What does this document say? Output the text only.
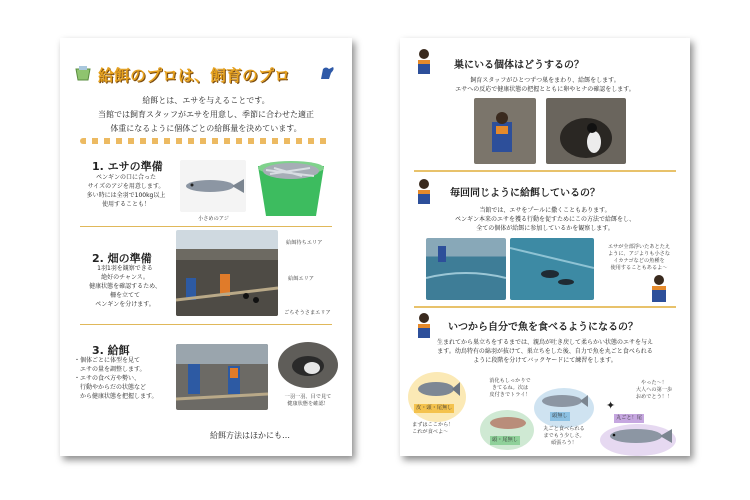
給餌のプロは、飼育のプロ
給餌とは、エサを与えることです。
当館では飼育スタッフがエサを用意し、季節に合わせた適正
体重になるように個体ごとの給餌量を決めています。
1. エサの準備
ペンギンの口に合った
サイズのアジを用意します。
多い時には全羽で100kg以上
使用することも！
小さめのアジ
2. 畑の準備
1羽1羽を観察できる
絶好のチャンス。
健康状態を確認するため、
柵を立てて
ペンギンを分けます。
給餌待ちエリア
給餌エリア
ごちそうさまエリア
3. 給餌
・個体ごとに体型を見て
　エサの量を調整します。
・エサの食べ方や勢い、
　行動やからだの状態など
　から健康状態を把握します。	一羽一羽、目で見て
健康状態を確認！
給餌方法はほかにも…
巣にいる個体はどうするの？
飼育スタッフがひとつずつ巣をまわり、給餌をします。
エサへの反応で健康状態の把握とともに卵やヒナの確認をします。
毎回同じように給餌しているの？
当館では、エサをプールに撒くこともあります。
ペンギン本来のエサを獲る行動を促すためにこの方法で給餌をし、
全ての個体が給餌に参加しているかを観察します。
エサが全部浮いたあとたえ
ように、アジよりも小さな
イカナゴなどの魚種を
使用することもあるよ〜
いつから自分で魚を食べるようになるの？
生まれてから巣立ちをするまでは、親鳥が吐き戻して柔らかい状態のエサを与え
ます。幼鳥特有の綿羽が抜けて、巣立ちをした後、自力で魚を丸ごと食べられる
ように段階を分けてバックヤードにて練習をします。
皮・頭・尾無し
頭・尾無し
頭無し	丸ごと！尾
まずはここから！
これが食べよ〜
消化もしっかりで
きてるね。次は
皮付きでトライ！
丸ごと食べられる
までもう少しさ。
頑張ろう！
やった〜！
大人への第一歩
おめでとう！！
✦
